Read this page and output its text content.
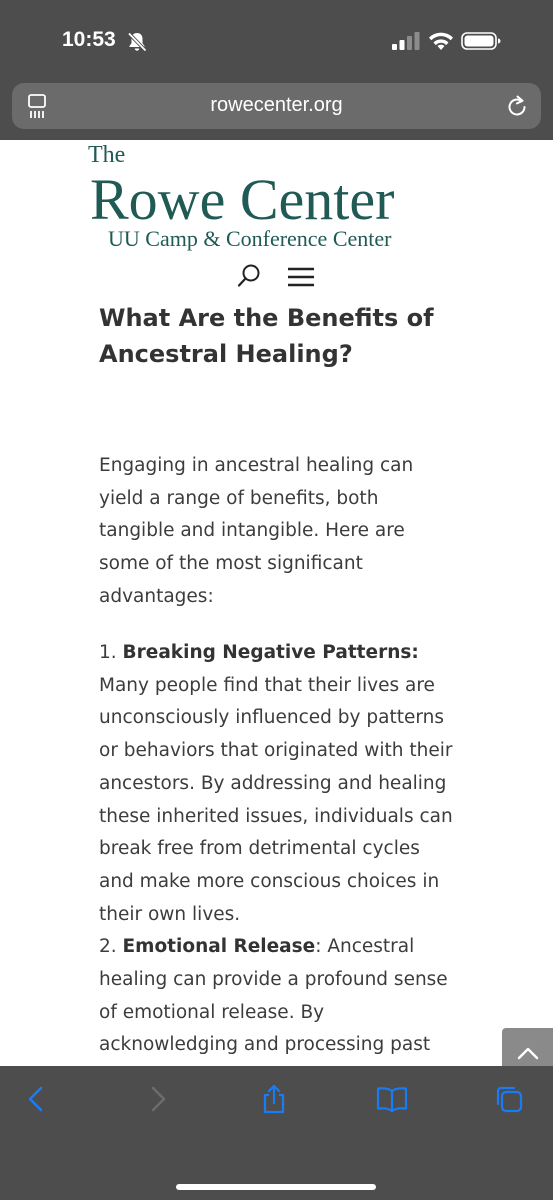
10:53
rowecenter.org
The
Rowe Center
UU Camp & Conference Center
What Are the Benefits of Ancestral Healing?

Engaging in ancestral healing can yield a range of benefits, both tangible and intangible. Here are some of the most significant advantages:

1. Breaking Negative Patterns: Many people find that their lives are unconsciously influenced by patterns or behaviors that originated with their ancestors. By addressing and healing these inherited issues, individuals can break free from detrimental cycles and make more conscious choices in their own lives.
2. Emotional Release: Ancestral healing can provide a profound sense of emotional release. By acknowledging and processing past
